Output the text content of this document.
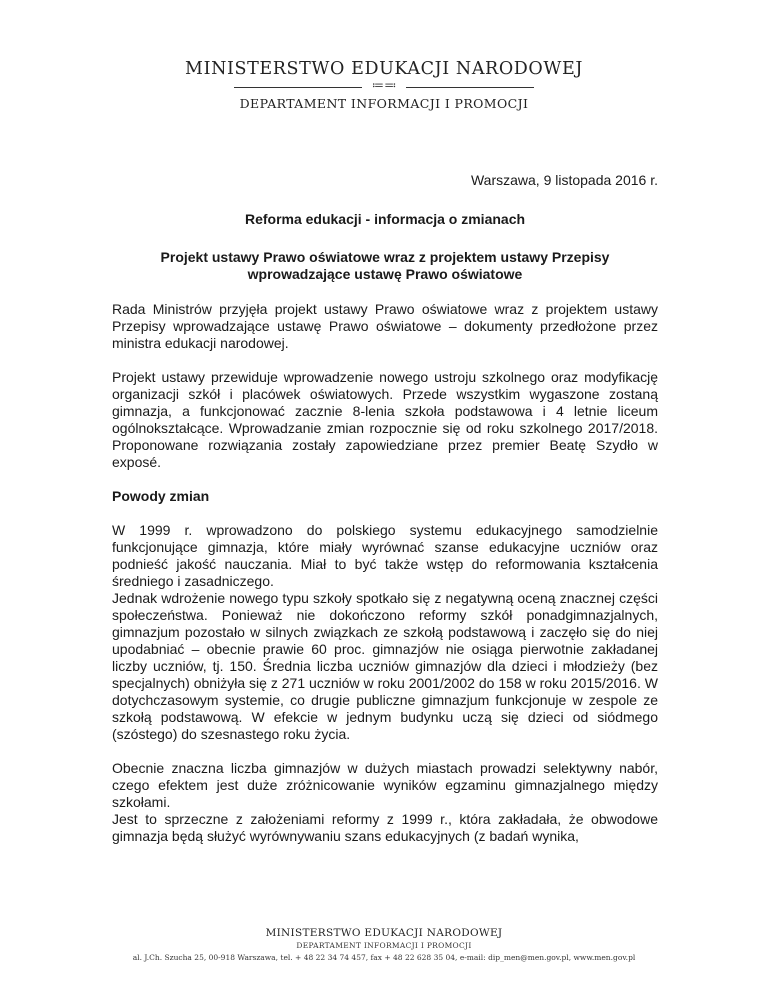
MINISTERSTWO EDUKACJI NARODOWEJ
≔≕
DEPARTAMENT INFORMACJI I PROMOCJI

Warszawa, 9 listopada 2016 r.

Reforma edukacji - informacja o zmianach

Projekt ustawy Prawo oświatowe wraz z projektem ustawy Przepisy wprowadzające ustawę Prawo oświatowe

Rada Ministrów przyjęła projekt ustawy Prawo oświatowe wraz z projektem ustawy Przepisy wprowadzające ustawę Prawo oświatowe – dokumenty przedłożone przez ministra edukacji narodowej.

Projekt ustawy przewiduje wprowadzenie nowego ustroju szkolnego oraz modyfikację organizacji szkół i placówek oświatowych. Przede wszystkim wygaszone zostaną gimnazja, a funkcjonować zacznie 8-lenia szkoła podstawowa i 4 letnie liceum ogólnokształcące. Wprowadzanie zmian rozpocznie się od roku szkolnego 2017/2018. Proponowane rozwiązania zostały zapowiedziane przez premier Beatę Szydło w exposé.

Powody zmian

W 1999 r. wprowadzono do polskiego systemu edukacyjnego samodzielnie funkcjonujące gimnazja, które miały wyrównać szanse edukacyjne uczniów oraz podnieść jakość nauczania. Miał to być także wstęp do reformowania kształcenia średniego i zasadniczego.

Jednak wdrożenie nowego typu szkoły spotkało się z negatywną oceną znacznej części społeczeństwa. Ponieważ nie dokończono reformy szkół ponadgimnazjalnych, gimnazjum pozostało w silnych związkach ze szkołą podstawową i zaczęło się do niej upodabniać – obecnie prawie 60 proc. gimnazjów nie osiąga pierwotnie zakładanej liczby uczniów, tj. 150. Średnia liczba uczniów gimnazjów dla dzieci i młodzieży (bez specjalnych) obniżyła się z 271 uczniów w roku 2001/2002 do 158 w roku 2015/2016. W dotychczasowym systemie, co drugie publiczne gimnazjum funkcjonuje w zespole ze szkołą podstawową. W efekcie w jednym budynku uczą się dzieci od siódmego (szóstego) do szesnastego roku życia.

Obecnie znaczna liczba gimnazjów w dużych miastach prowadzi selektywny nabór, czego efektem jest duże zróżnicowanie wyników egzaminu gimnazjalnego między szkołami.

Jest to sprzeczne z założeniami reformy z 1999 r., która zakładała, że obwodowe gimnazja będą służyć wyrównywaniu szans edukacyjnych (z badań wynika,

MINISTERSTWO EDUKACJI NARODOWEJ
DEPARTAMENT INFORMACJI I PROMOCJI
al. J.Ch. Szucha 25, 00-918 Warszawa, tel. + 48 22 34 74 457, fax + 48 22 628 35 04, e-mail: dip_men@men.gov.pl, www.men.gov.pl
